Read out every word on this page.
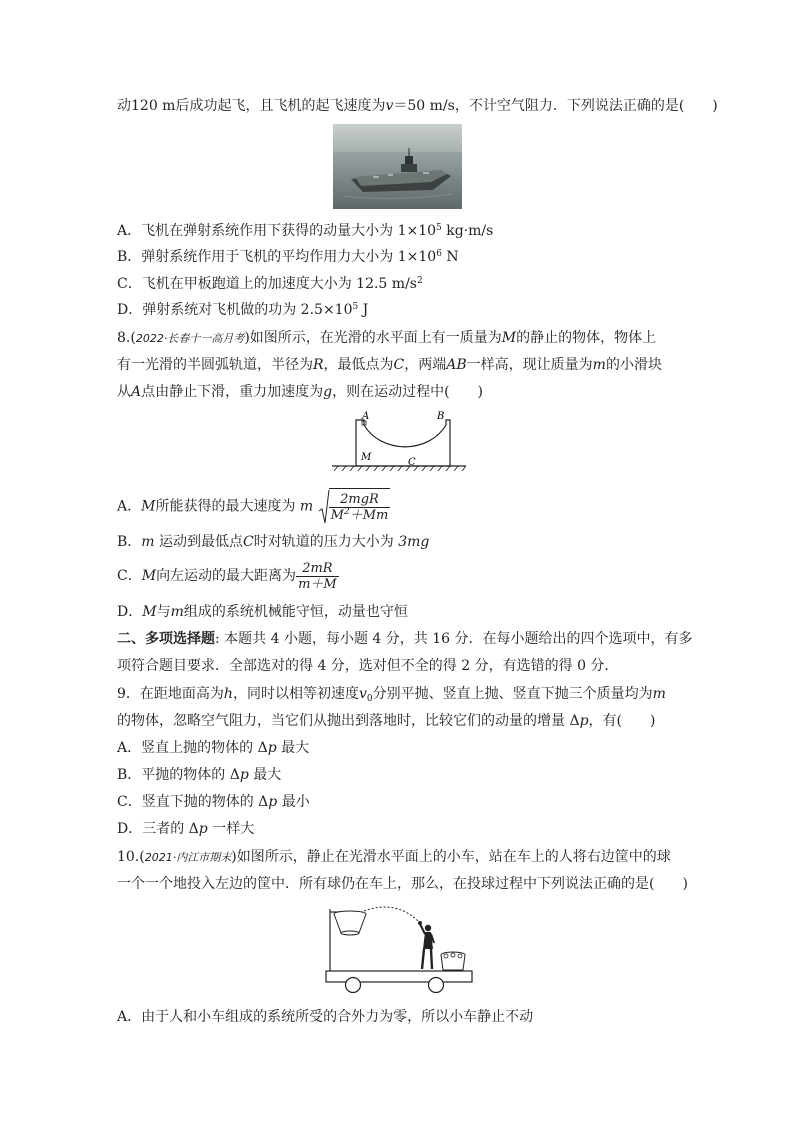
动120 m后成功起飞，且飞机的起飞速度为v＝50 m/s，不计空气阻力．下列说法正确的是(　　)
A．飞机在弹射系统作用下获得的动量大小为 $1\times 10^5$ kg·m/s
B．弹射系统作用于飞机的平均作用力大小为 $1\times 10^6$ N
C．飞机在甲板跑道上的加速度大小为 12.5 $m/s^2$
D．弹射系统对飞机做的功为 $2.5\times 10^5$ J
8.(2022·长春十一高月考)如图所示，在光滑的水平面上有一质量为M的静止的物体，物体上
有一光滑的半圆弧轨道，半径为R，最低点为C，两端AB一样高，现让质量为m的小滑块
从A点由静止下滑，重力加速度为g，则在运动过程中(　　)
A	B
M	C
A．M所能获得的最大速度为 m $\frac{\text{2mgR}}{M^2+Mm}$
B．m 运动到最低点C时对轨道的压力大小为 3mg
C．M向左运动的最大距离为 $\frac{2mR}{m+M}$
D．M与m组成的系统机械能守恒，动量也守恒
二、多项选择题: 本题共 4 小题，每小题 4 分，共 16 分．在每小题给出的四个选项中，有多
项符合题目要求．全部选对的得 4 分，选对但不全的得 2 分，有选错的得 0 分．
9．在距地面高为h，同时以相等初速度$v_0$分别平抛、竖直上抛、竖直下抛三个质量均为m
的物体，忽略空气阻力，当它们从抛出到落地时，比较它们的动量的增量 Δp，有(　　)
A．竖直上抛的物体的 Δp 最大
B．平抛的物体的 Δp 最大
C．竖直下抛的物体的 Δp 最小
D．三者的 Δp 一样大
10.(2021·内江市期末)如图所示，静止在光滑水平面上的小车，站在车上的人将右边筐中的球
一个一个地投入左边的筐中．所有球仍在车上，那么，在投球过程中下列说法正确的是(　　)
A．由于人和小车组成的系统所受的合外力为零，所以小车静止不动
